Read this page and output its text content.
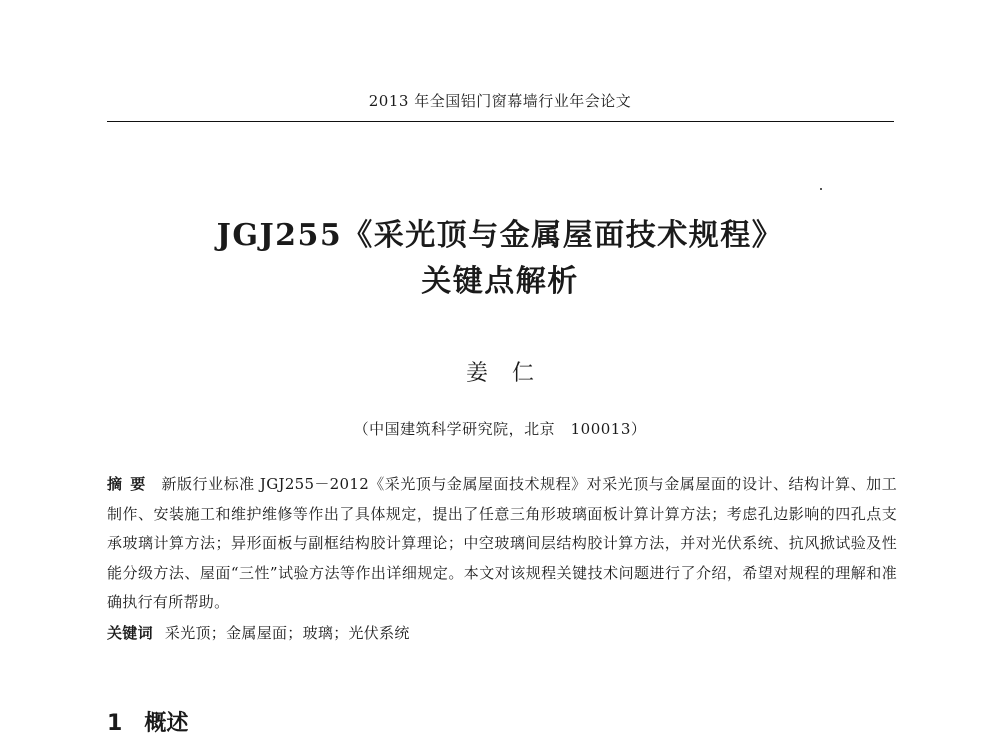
2013 年全国铝门窗幕墙行业年会论文
JGJ255《采光顶与金属屋面技术规程》
关键点解析
姜仁
（中国建筑科学研究院，北京　100013）
摘要 新版行业标准 JGJ255－2012《采光顶与金属屋面技术规程》对采光顶与金属屋面的设计、结构计算、加工制作、安装施工和维护维修等作出了具体规定，提出了任意三角形玻璃面板计算计算方法；考虑孔边影响的四孔点支承玻璃计算方法；异形面板与副框结构胶计算理论；中空玻璃间层结构胶计算方法，并对光伏系统、抗风掀试验及性能分级方法、屋面“三性”试验方法等作出详细规定。本文对该规程关键技术问题进行了介绍，希望对规程的理解和准确执行有所帮助。
关键词 采光顶；金属屋面；玻璃；光伏系统
1 概述
